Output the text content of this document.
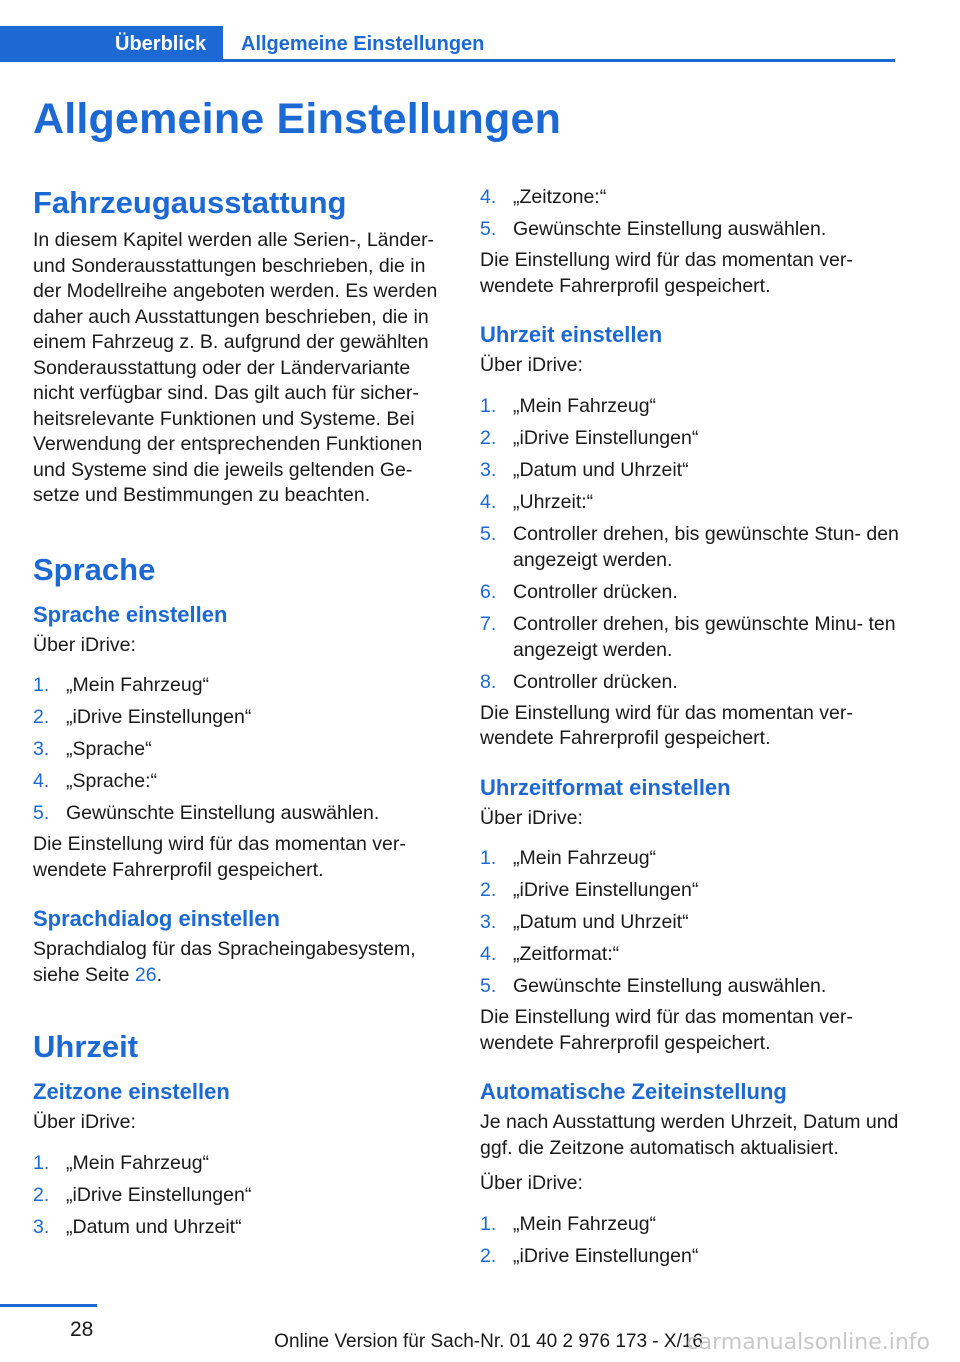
Überblick	Allgemeine Einstellungen
Allgemeine Einstellungen
Fahrzeugausstattung

In diesem Kapitel werden alle Serien-, Länder- und Sonderausstattungen beschrieben, die in der Modellreihe angeboten werden. Es werden daher auch Ausstattungen beschrieben, die in einem Fahrzeug z. B. aufgrund der gewählten Sonderausstattung oder der Ländervariante nicht verfügbar sind. Das gilt auch für sicher- heitsrelevante Funktionen und Systeme. Bei Verwendung der entsprechenden Funktionen und Systeme sind die jeweils geltenden Ge- setze und Bestimmungen zu beachten.

Sprache
Sprache einstellen

Über iDrive:

1. „Mein Fahrzeug“
2. „iDrive Einstellungen“
3. „Sprache“
4. „Sprache:“
5. Gewünschte Einstellung auswählen.

Die Einstellung wird für das momentan ver- wendete Fahrerprofil gespeichert.

Sprachdialog einstellen

Sprachdialog für das Spracheingabesystem, siehe Seite 26.

Uhrzeit
Zeitzone einstellen

Über iDrive:

1. „Mein Fahrzeug“
2. „iDrive Einstellungen“
3. „Datum und Uhrzeit“
4. „Zeitzone:“
5. Gewünschte Einstellung auswählen.

Die Einstellung wird für das momentan ver- wendete Fahrerprofil gespeichert.

Uhrzeit einstellen

Über iDrive:

1. „Mein Fahrzeug“
2. „iDrive Einstellungen“
3. „Datum und Uhrzeit“
4. „Uhrzeit:“
5. Controller drehen, bis gewünschte Stun- den angezeigt werden.
6. Controller drücken.
7. Controller drehen, bis gewünschte Minu- ten angezeigt werden.
8. Controller drücken.

Die Einstellung wird für das momentan ver- wendete Fahrerprofil gespeichert.

Uhrzeitformat einstellen

Über iDrive:

1. „Mein Fahrzeug“
2. „iDrive Einstellungen“
3. „Datum und Uhrzeit“
4. „Zeitformat:“
5. Gewünschte Einstellung auswählen.

Die Einstellung wird für das momentan ver- wendete Fahrerprofil gespeichert.

Automatische Zeiteinstellung

Je nach Ausstattung werden Uhrzeit, Datum und ggf. die Zeitzone automatisch aktualisiert.

Über iDrive:

1. „Mein Fahrzeug“
2. „iDrive Einstellungen“
28
Online Version für Sach-Nr. 01 40 2 976 173 - X/16
carmanualsonline.info
